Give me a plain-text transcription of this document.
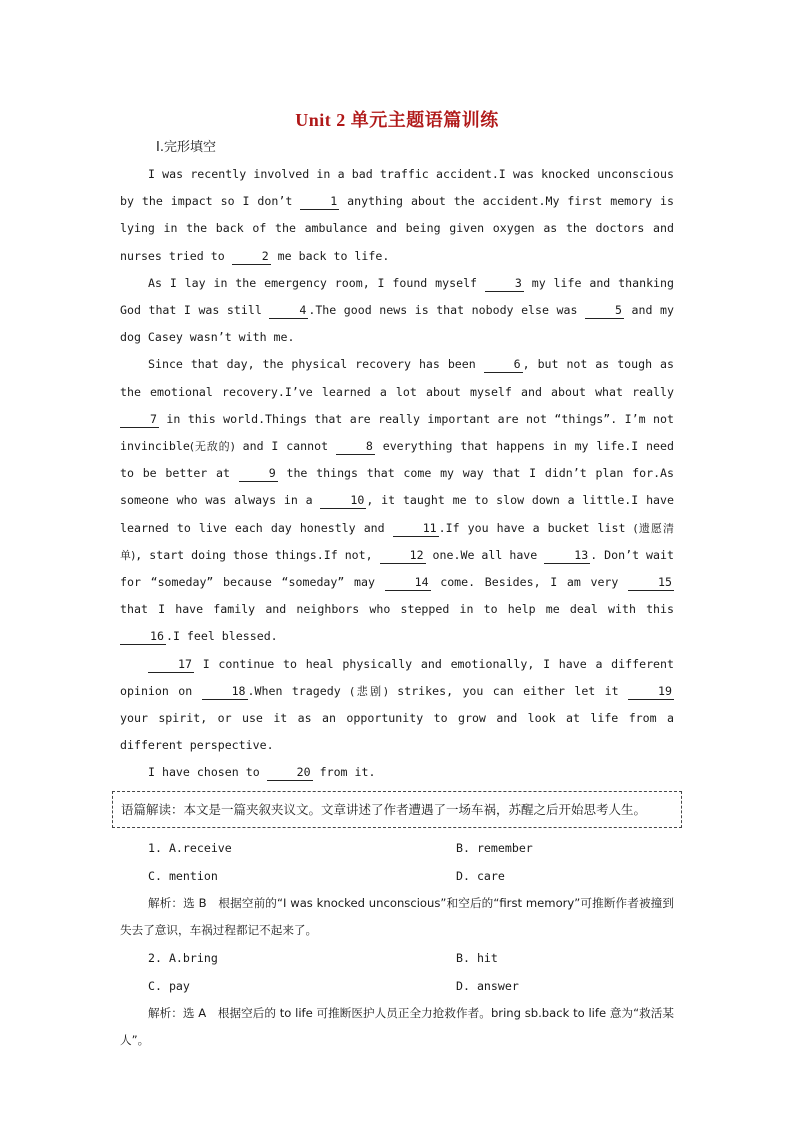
Unit 2 单元主题语篇训练
Ⅰ.完形填空

I was recently involved in a bad traffic accident.I was knocked unconscious by the impact so I don’t	1 anything about the accident.My first memory is lying in the back of the ambulance and being given oxygen as the doctors and nurses tried to	2 me back to life.

As I lay in the emergency room, I found myself	3 my life and thanking God that I was still	4 .The good news is that nobody else was	5 and my dog Casey wasn’t with me.

Since that day, the physical recovery has been	6 , but not as tough as the emotional recovery.I’ve learned a lot about myself and about what really 7 in this world.Things that are really important are not “things”. I’m not invincible(无敌的) and I cannot	8 everything that happens in my life.I need to be better at	9 the things that come my way that I didn’t plan for.As someone who was always in a	10 , it taught me to slow down a little.I have learned to live each day honestly and	11 .If you have a bucket list (遗愿清单), start doing those things.If not,	12 one.We all have	13 . Don’t wait for “someday” because “someday” may	14 come. Besides, I am very	15 that I have family and neighbors who stepped in to help me deal with this 16 .I feel blessed.

17 I continue to heal physically and emotionally, I have a different opinion on	18 .When tragedy (悲剧) strikes, you can either let it	19 your spirit, or use it as an opportunity to grow and look at life from a different perspective.

I have chosen to	20 from it.

语篇解读：本文是一篇夹叙夹议文。文章讲述了作者遭遇了一场车祸，苏醒之后开始思考人生。
1. A.receive	B. remember
C. mention	D. care

解析：选 B　根据空前的“I was knocked unconscious”和空后的“first memory”可推断作者被撞到失去了意识，车祸过程都记不起来了。

2. A.bring	B. hit
C. pay	D. answer

解析：选 A　根据空后的 to life 可推断医护人员正全力抢救作者。bring sb.back to life 意为“救活某人”。
